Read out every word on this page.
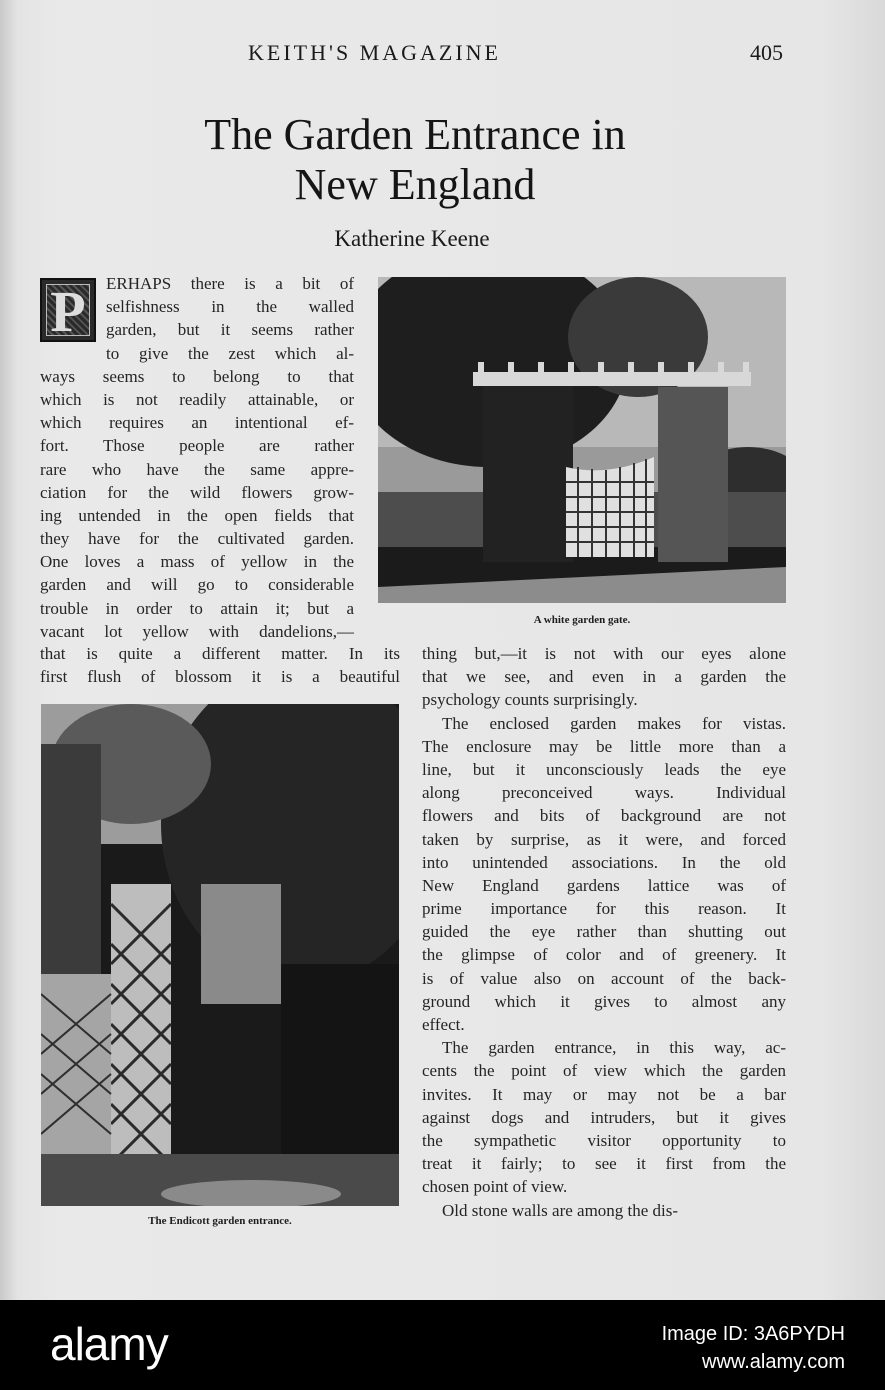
KEITH'S MAGAZINE	405
The Garden Entrance in
New England
Katherine Keene
P	ERHAPS there is a bit of
selfishness in the walled
garden, but it seems rather
to give the zest which al-
ways seems to belong to that
which is not readily attainable, or
which requires an intentional ef-
fort. Those people are rather
rare who have the same appre-
ciation for the wild flowers grow-
ing untended in the open fields that
they have for the cultivated garden.
One loves a mass of yellow in the
garden and will go to considerable
trouble in order to attain it; but a
vacant lot yellow with dandelions,—
that is quite a different matter. In its
first flush of blossom it is a beautiful
thing but,—it is not with our eyes alone
that we see, and even in a garden the
psychology counts surprisingly.
The enclosed garden makes for vistas.
The enclosure may be little more than a
line, but it unconsciously leads the eye
along preconceived ways. Individual
flowers and bits of background are not
taken by surprise, as it were, and forced
into unintended associations. In the old
New England gardens lattice was of
prime importance for this reason. It
guided the eye rather than shutting out
the glimpse of color and of greenery. It
is of value also on account of the back-
ground which it gives to almost any
effect.
The garden entrance, in this way, ac-
cents the point of view which the garden
invites. It may or may not be a bar
against dogs and intruders, but it gives
the sympathetic visitor opportunity to
treat it fairly; to see it first from the
chosen point of view.
Old stone walls are among the dis-
A white garden gate.
The Endicott garden entrance.
alamy	Image ID: 3A6PYDH
www.alamy.com
